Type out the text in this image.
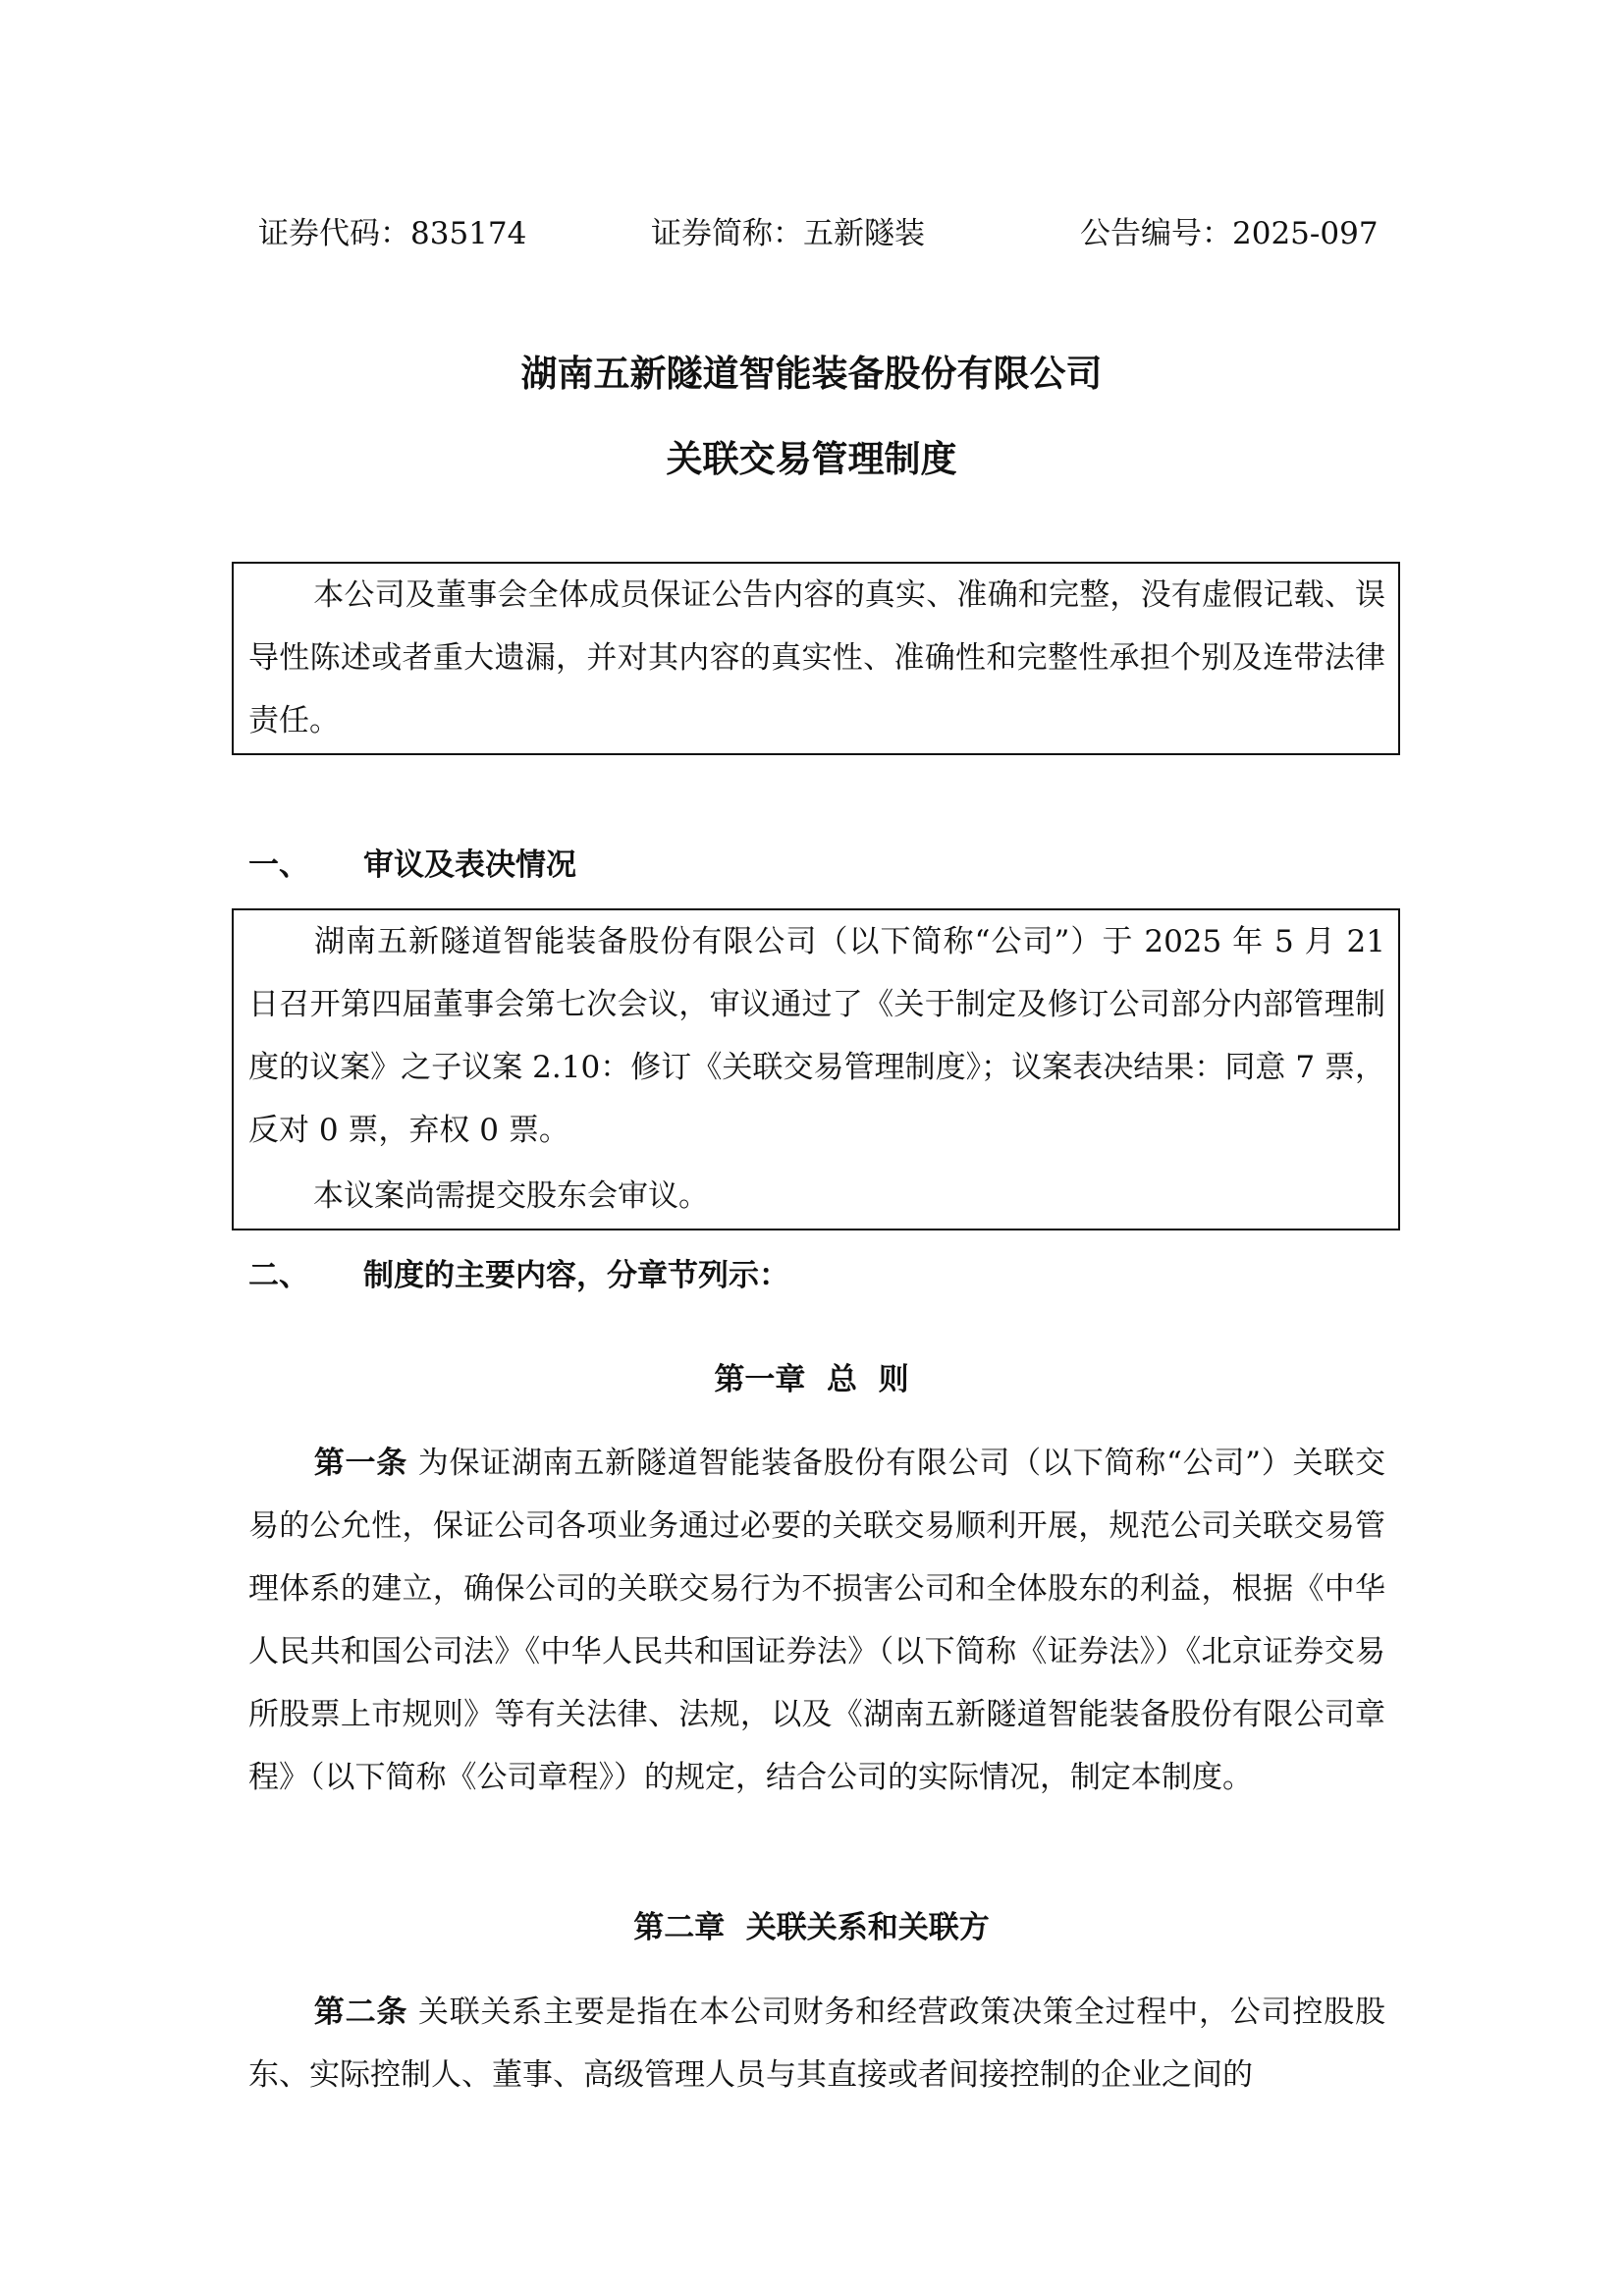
证券代码：835174	证券简称：五新隧装	公告编号：2025-097
湖南五新隧道智能装备股份有限公司
关联交易管理制度

本公司及董事会全体成员保证公告内容的真实、准确和完整，没有虚假记载、误导性陈述或者重大遗漏，并对其内容的真实性、准确性和完整性承担个别及连带法律责任。

一、 审议及表决情况

湖南五新隧道智能装备股份有限公司（以下简称“公司”）于 2025 年 5 月 21 日召开第四届董事会第七次会议，审议通过了《关于制定及修订公司部分内部管理制度的议案》之子议案 2.10：修订《关联交易管理制度》；议案表决结果：同意 7 票，反对 0 票，弃权 0 票。

本议案尚需提交股东会审议。

二、 制度的主要内容，分章节列示：
第一章  总  则

第一条 为保证湖南五新隧道智能装备股份有限公司（以下简称“公司”）关联交易的公允性，保证公司各项业务通过必要的关联交易顺利开展，规范公司关联交易管理体系的建立，确保公司的关联交易行为不损害公司和全体股东的利益，根据《中华人民共和国公司法》《中华人民共和国证券法》（以下简称《证券法》）《北京证券交易所股票上市规则》等有关法律、法规，以及《湖南五新隧道智能装备股份有限公司章程》（以下简称《公司章程》）的规定，结合公司的实际情况，制定本制度。

第二章  关联关系和关联方

第二条 关联关系主要是指在本公司财务和经营政策决策全过程中，公司控股股东、实际控制人、董事、高级管理人员与其直接或者间接控制的企业之间的
